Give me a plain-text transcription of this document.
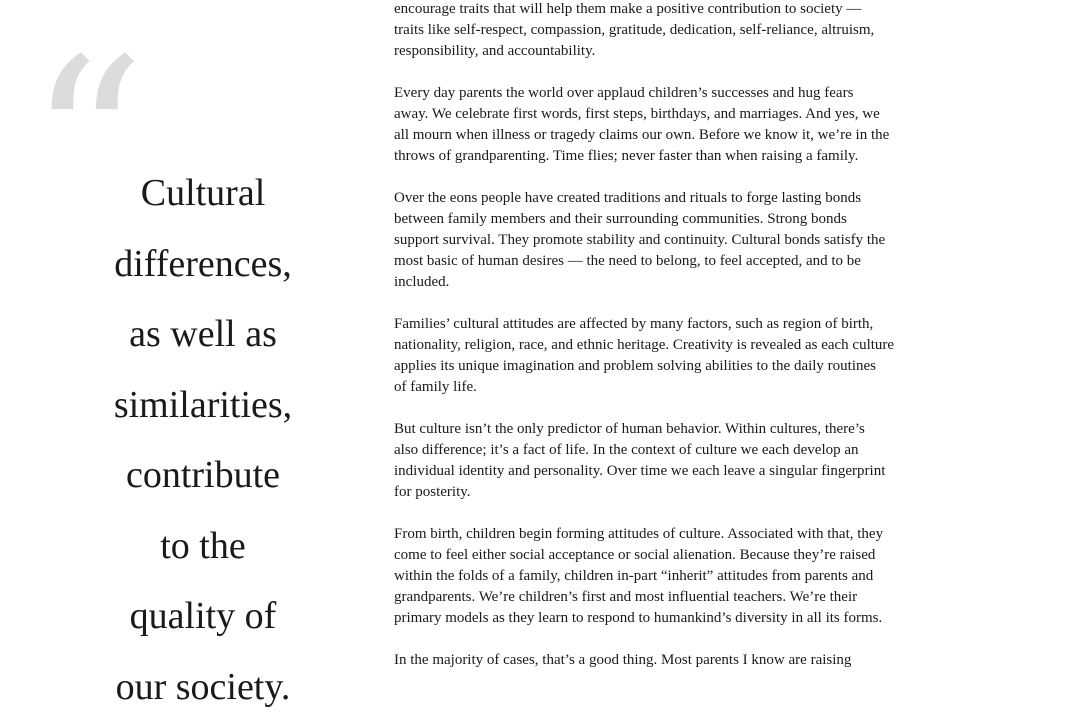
“
Cultural
differences,
as well as
similarities,
contribute
to the
quality of
our society.
encourage traits that will help them make a positive contribution to society —
traits like self-respect, compassion, gratitude, dedication, self-reliance, altruism,
responsibility, and accountability.
Every day parents the world over applaud children’s successes and hug fears
away. We celebrate first words, first steps, birthdays, and marriages. And yes, we
all mourn when illness or tragedy claims our own. Before we know it, we’re in the
throws of grandparenting. Time flies; never faster than when raising a family.
Over the eons people have created traditions and rituals to forge lasting bonds
between family members and their surrounding communities. Strong bonds
support survival. They promote stability and continuity. Cultural bonds satisfy the
most basic of human desires — the need to belong, to feel accepted, and to be
included.
Families’ cultural attitudes are affected by many factors, such as region of birth,
nationality, religion, race, and ethnic heritage. Creativity is revealed as each culture
applies its unique imagination and problem solving abilities to the daily routines
of family life.
But culture isn’t the only predictor of human behavior. Within cultures, there’s
also difference; it’s a fact of life. In the context of culture we each develop an
individual identity and personality. Over time we each leave a singular fingerprint
for posterity.
From birth, children begin forming attitudes of culture. Associated with that, they
come to feel either social acceptance or social alienation. Because they’re raised
within the folds of a family, children in-part “inherit” attitudes from parents and
grandparents. We’re children’s first and most influential teachers. We’re their
primary models as they learn to respond to humankind’s diversity in all its forms.
In the majority of cases, that’s a good thing. Most parents I know are raising
